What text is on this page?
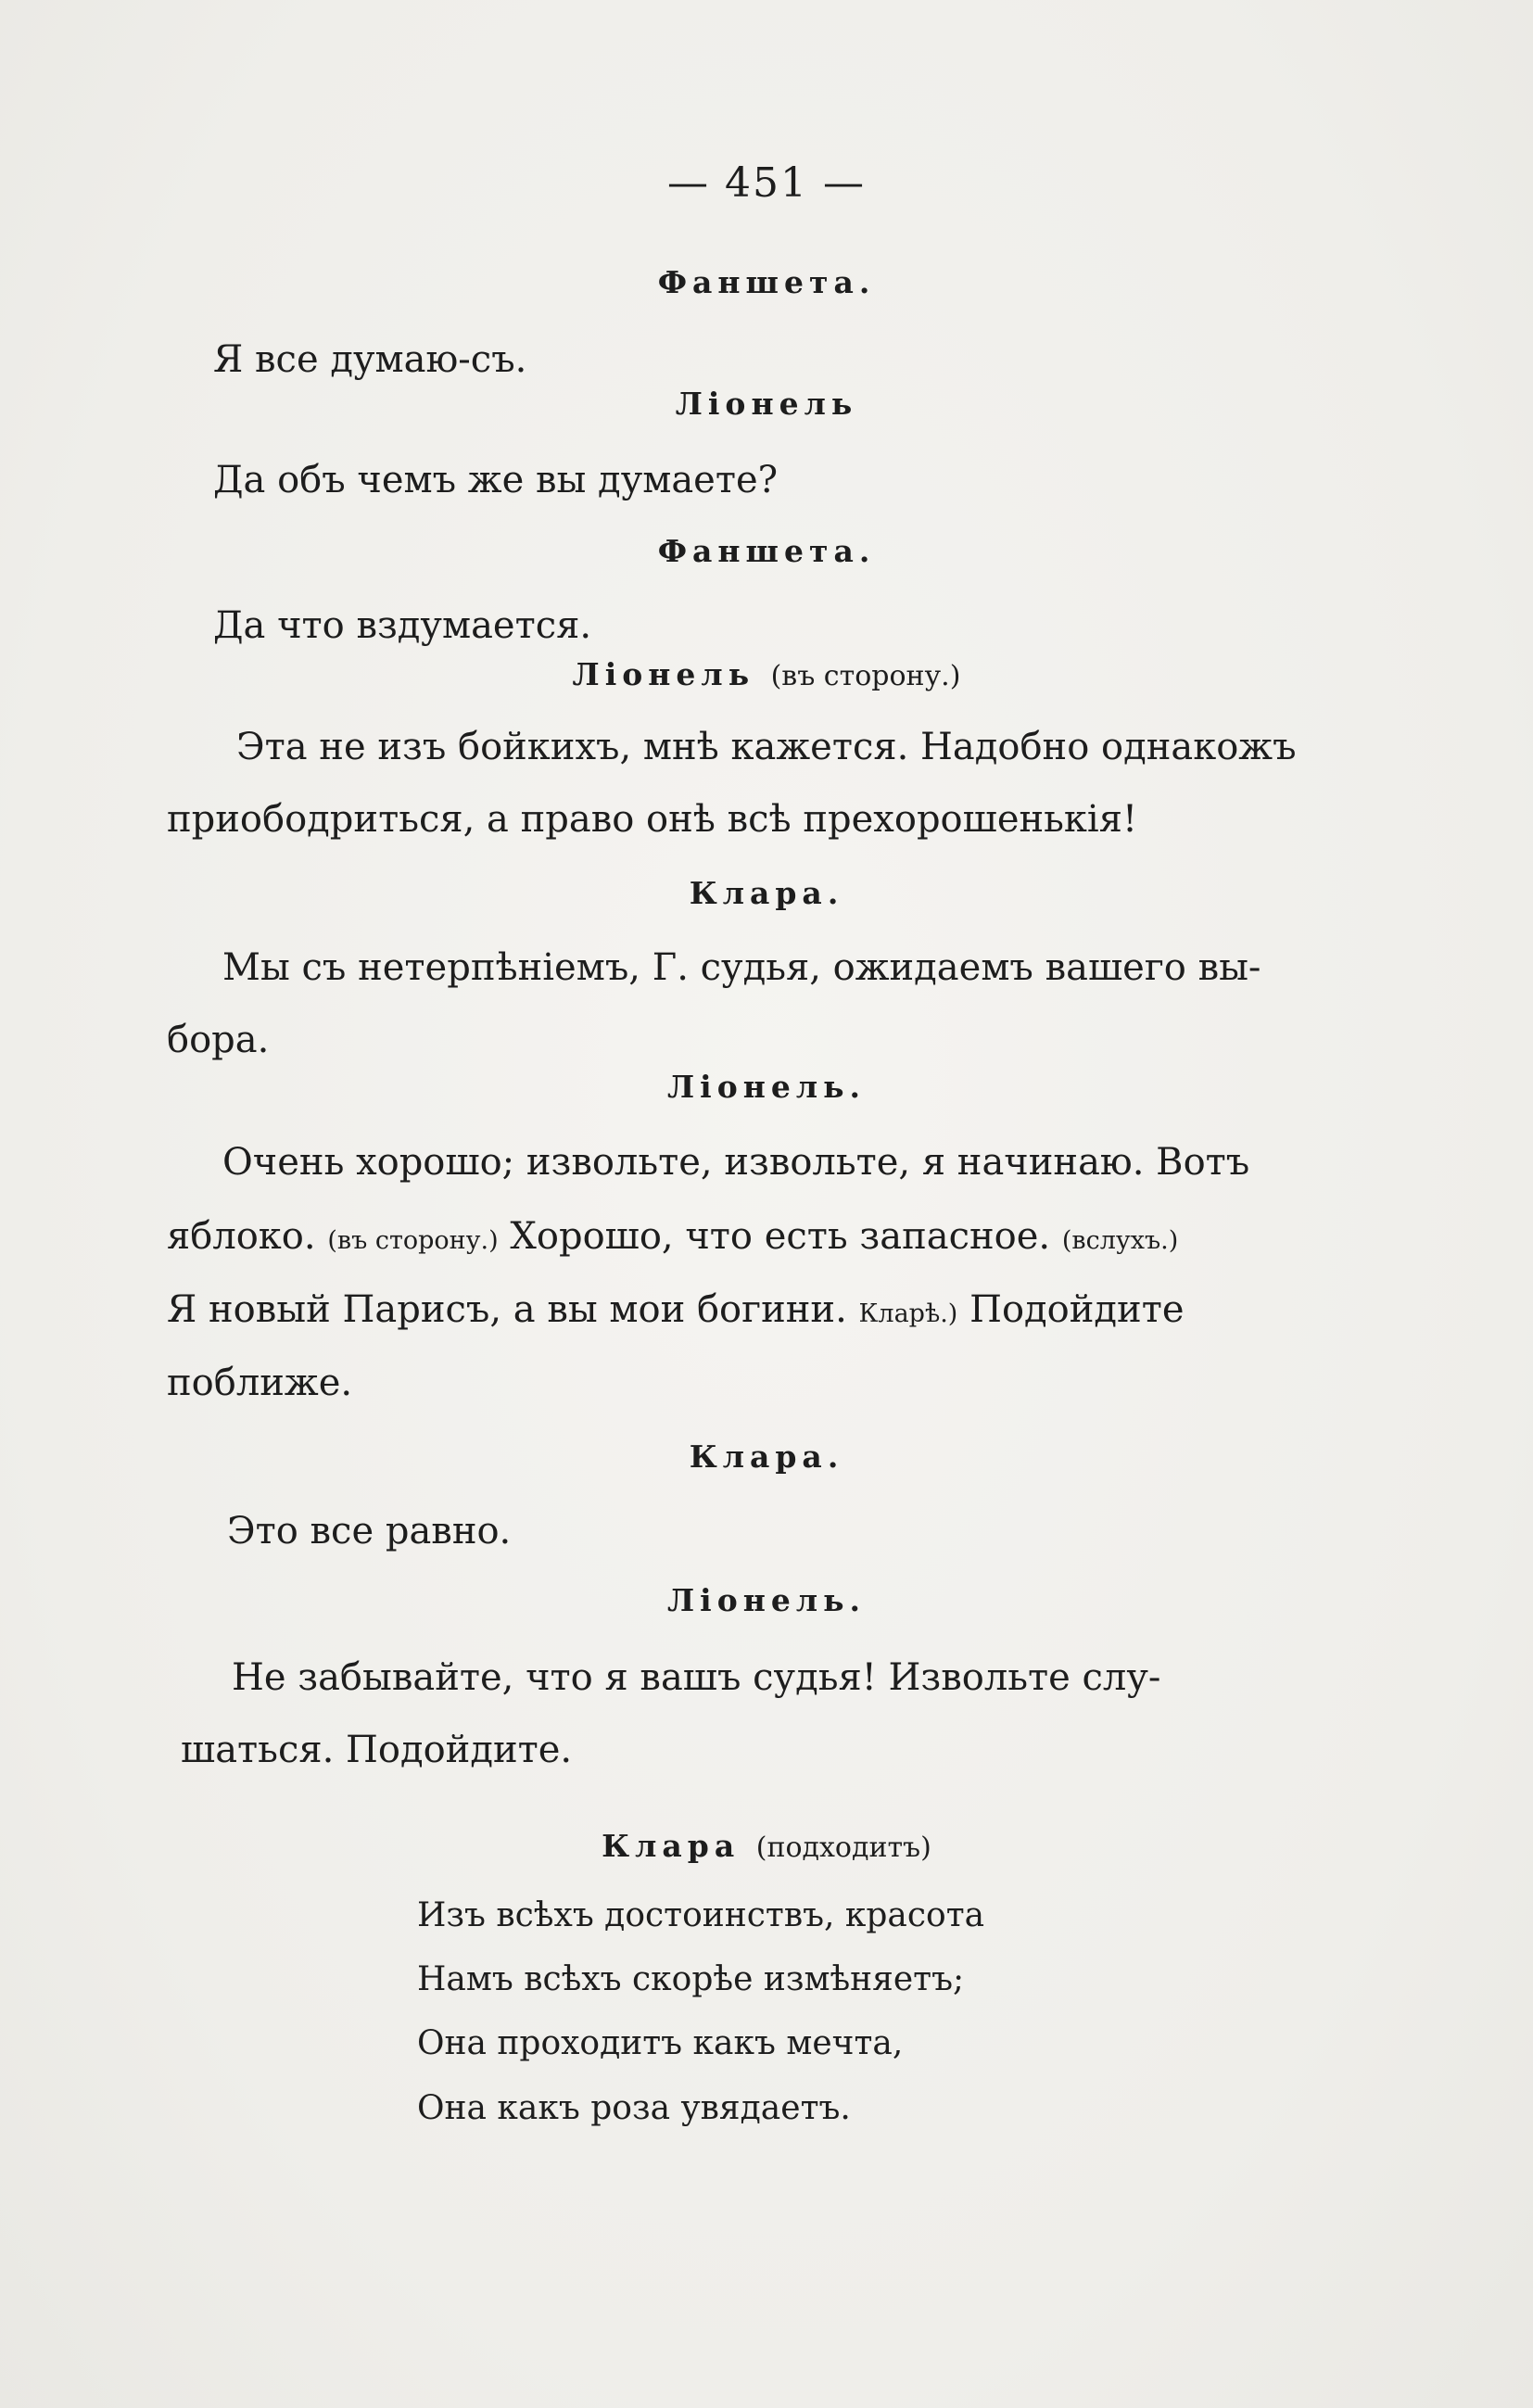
— 451 —
Фаншета.
Я все думаю-съ.
Лiонель
Да объ чемъ же вы думаете?
Фаншета.
Да что вздумается.
Лiонель (въ сторону.)
Эта не изъ бойкихъ, мнѣ кажется. Надобно однакожъ
приободриться, а право онѣ всѣ прехорошенькiя!
Клара.
Мы съ нетерпѣнiемъ, Г. судья, ожидаемъ вашего вы-
бора.
Лiонель.
Очень хорошо; извольте, извольте, я начинаю. Вотъ
яблоко. (въ сторону.) Хорошо, что есть запасное. (вслухъ.)
Я новый Парисъ, а вы мои богини. Кларѣ.) Подойдите
поближе.
Клара.
Это все равно.
Лiонель.
Не забывайте, что я вашъ судья! Извольте слу-
шаться. Подойдите.
Клара (подходитъ)
Изъ всѣхъ достоинствъ, красота
Намъ всѣхъ скорѣе измѣняетъ;
Она проходитъ какъ мечта,
Она какъ роза увядаетъ.
